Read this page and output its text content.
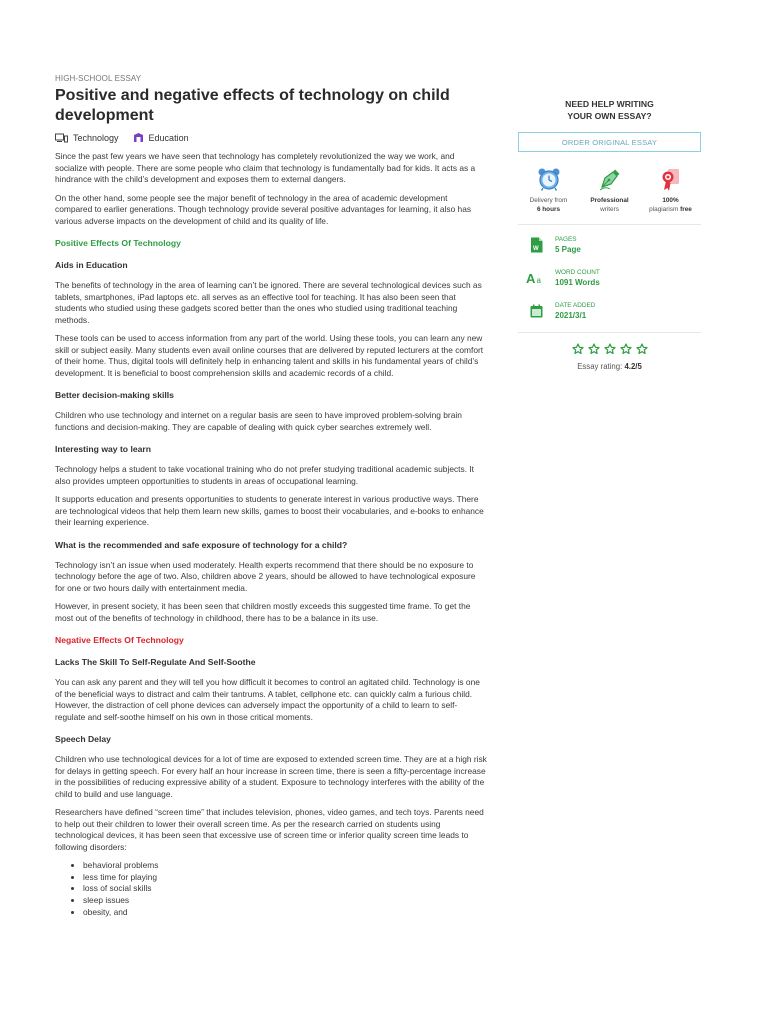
HIGH-SCHOOL ESSAY
Positive and negative effects of technology on child development
Technology	Education

Since the past few years we have seen that technology has completely revolutionized the way we work, and socialize with people. There are some people who claim that technology is fundamentally bad for kids. It acts as a hindrance with the child’s development and exposes them to external dangers.

On the other hand, some people see the major benefit of technology in the area of academic development compared to earlier generations. Though technology provide several positive advantages for learning, it also has various adverse impacts on the development of child and its quality of life.

Positive Effects Of Technology
Aids in Education

The benefits of technology in the area of learning can’t be ignored. There are several technological devices such as tablets, smartphones, iPad laptops etc. all serves as an effective tool for teaching. It has also been seen that students who studied using these gadgets scored better than the ones who studied using traditional teaching methods.

These tools can be used to access information from any part of the world. Using these tools, you can learn any new skill or subject easily. Many students even avail online courses that are delivered by reputed lecturers at the comfort of their home. Thus, digital tools will definitely help in enhancing talent and skills in his fundamental years of child’s development. It is beneficial to boost comprehension skills and academic records of a child.

Better decision-making skills

Children who use technology and internet on a regular basis are seen to have improved problem-solving brain functions and decision-making. They are capable of dealing with quick cyber searches extremely well.

Interesting way to learn

Technology helps a student to take vocational training who do not prefer studying traditional academic subjects. It also provides umpteen opportunities to students in areas of occupational learning.

It supports education and presents opportunities to students to generate interest in various productive ways. There are technological videos that help them learn new skills, games to boost their vocabularies, and e-books to enhance their learning experience.

What is the recommended and safe exposure of technology for a child?

Technology isn’t an issue when used moderately. Health experts recommend that there should be no exposure to technology before the age of two. Also, children above 2 years, should be allowed to have technological exposure for one or two hours daily with entertainment media.

However, in present society, it has been seen that children mostly exceeds this suggested time frame. To get the most out of the benefits of technology in childhood, there has to be a balance in its use.

Negative Effects Of Technology
Lacks The Skill To Self-Regulate And Self-Soothe

You can ask any parent and they will tell you how difficult it becomes to control an agitated child. Technology is one of the beneficial ways to distract and calm their tantrums. A tablet, cellphone etc. can quickly calm a furious child. However, the distraction of cell phone devices can adversely impact the opportunity of a child to learn to self-regulate and self-soothe himself on his own in those critical moments.

Speech Delay

Children who use technological devices for a lot of time are exposed to extended screen time. They are at a high risk for delays in getting speech. For every half an hour increase in screen time, there is seen a fifty-percentage increase in the possibilities of reducing expressive ability of a student. Exposure to technology interferes with the ability of the child to build and use language.

Researchers have defined “screen time” that includes television, phones, video games, and tech toys. Parents need to help out their children to lower their overall screen time. As per the research carried on students using technological devices, it has been seen that excessive use of screen time or inferior quality screen time leads to following disorders:

• behavioral problems
• less time for playing
• loss of social skills
• sleep issues
• obesity, and
NEED HELP WRITING
YOUR OWN ESSAY?
ORDER ORIGINAL ESSAY
Delivery from
6 hours
Professional
writers
100%
plagiarism free
W
PAGES
5 Page
A a
WORD COUNT
1091 Words
DATE ADDED
2021/3/1
Essay rating: 4.2/5
